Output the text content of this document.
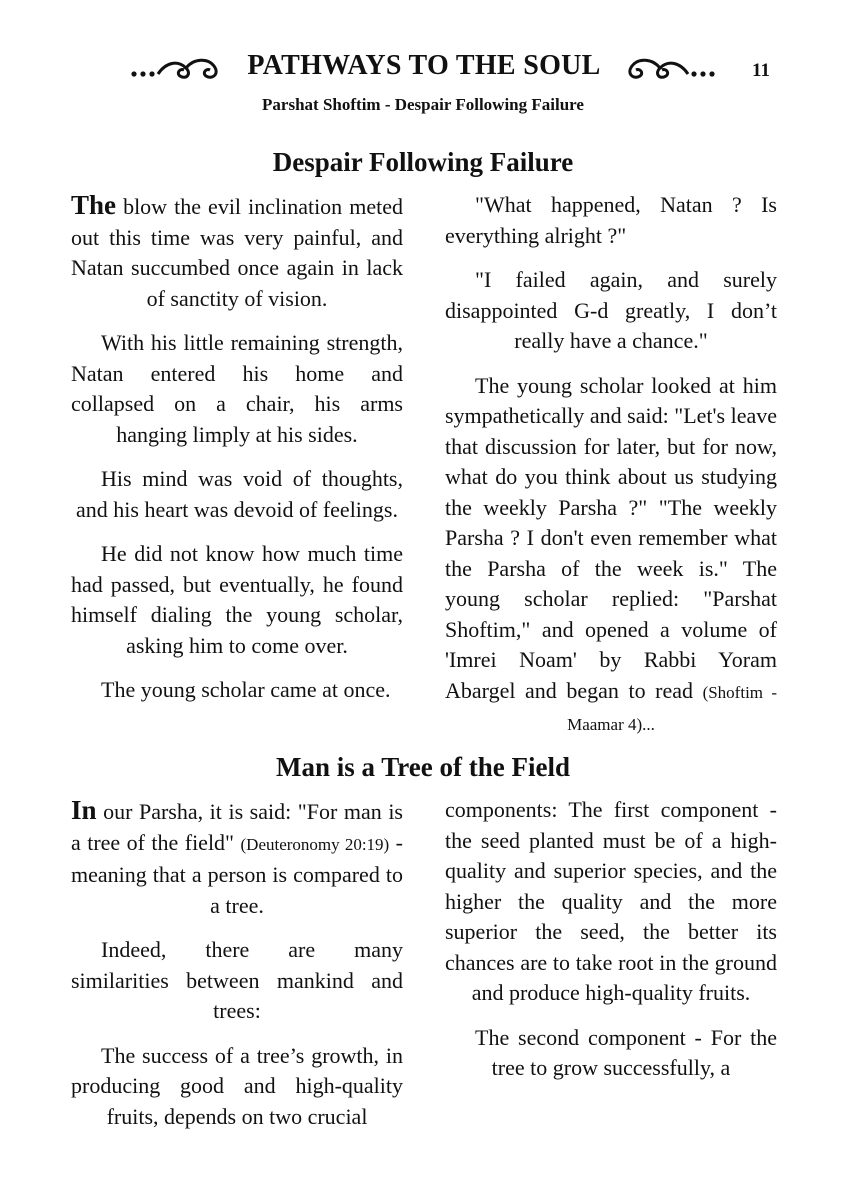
PATHWAYS TO THE SOUL	11
Parshat Shoftim - Despair Following Failure
Despair Following Failure

The blow the evil inclination meted out this time was very painful, and Natan succumbed once again in lack of sanctity of vision.

With his little remaining strength, Natan entered his home and collapsed on a chair, his arms hanging limply at his sides.

His mind was void of thoughts, and his heart was devoid of feelings.

He did not know how much time had passed, but eventually, he found himself dialing the young scholar, asking him to come over.

The young scholar came at once.

"What happened, Natan ? Is everything alright ?"

"I failed again, and surely disappointed G-d greatly, I don’t really have a chance."

The young scholar looked at him sympathetically and said: "Let's leave that discussion for later, but for now, what do you think about us studying the weekly Parsha ?" "The weekly Parsha ? I don't even remember what the Parsha of the week is." The young scholar replied: "Parshat Shoftim," and opened a volume of 'Imrei Noam' by Rabbi Yoram Abargel and began to read (Shoftim - Maamar 4)...

Man is a Tree of the Field

In our Parsha, it is said: "For man is a tree of the field" (Deuteronomy 20:19) - meaning that a person is compared to a tree.

Indeed, there are many similarities between mankind and trees:

The success of a tree’s growth, in producing good and high-quality fruits, depends on two crucial

components: The first component - the seed planted must be of a high-quality and superior species, and the higher the quality and the more superior the seed, the better its chances are to take root in the ground and produce high-quality fruits.

The second component - For the tree to grow successfully, a
